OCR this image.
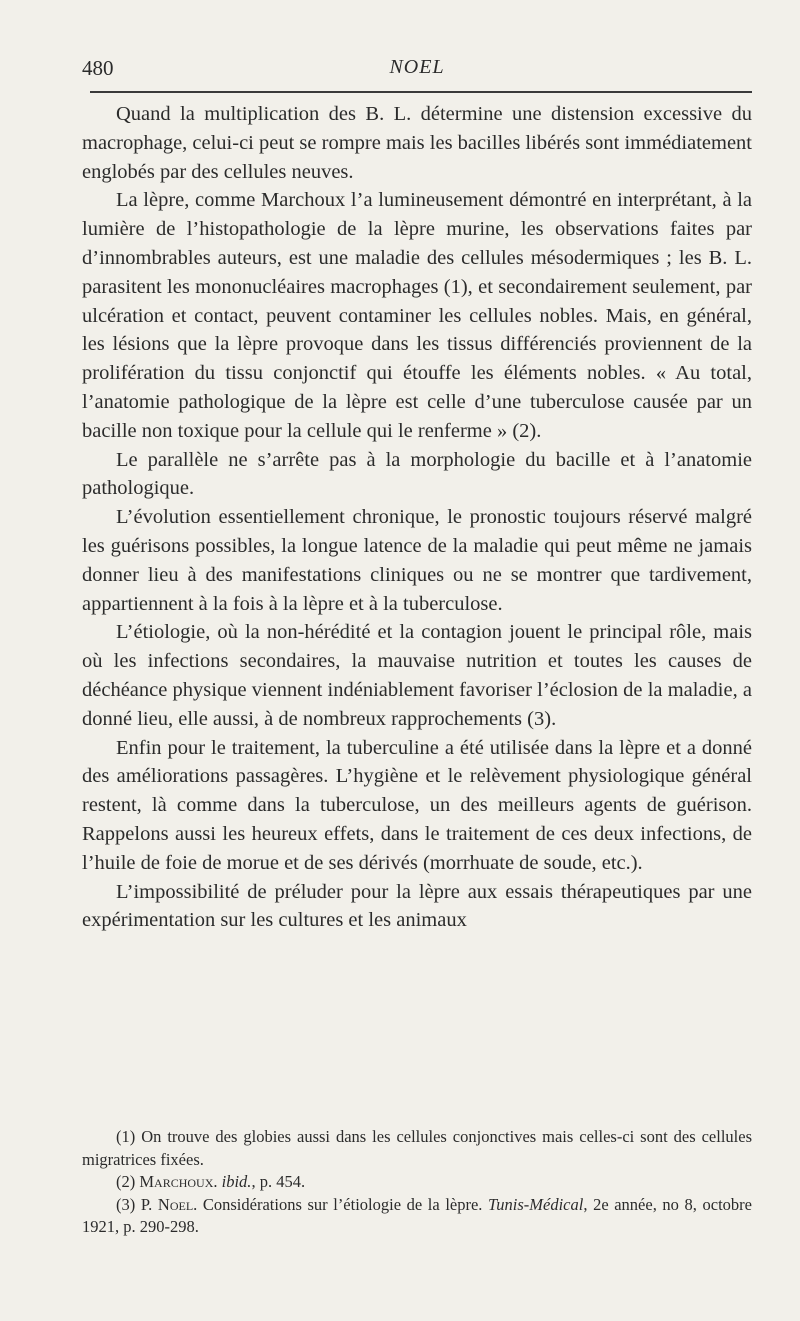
480	NOEL

Quand la multiplication des B. L. détermine une distension excessive du macrophage, celui-ci peut se rompre mais les bacilles libérés sont immédiatement englobés par des cellules neuves.

La lèpre, comme Marchoux l’a lumineusement démontré en interprétant, à la lumière de l’histopathologie de la lèpre murine, les observations faites par d’innombrables auteurs, est une maladie des cellules mésodermiques ; les B. L. parasitent les mononucléaires macrophages (1), et secondairement seulement, par ulcération et contact, peuvent contaminer les cellules nobles. Mais, en général, les lésions que la lèpre provoque dans les tissus différenciés proviennent de la prolifération du tissu conjonctif qui étouffe les éléments nobles. « Au total, l’anatomie pathologique de la lèpre est celle d’une tuberculose causée par un bacille non toxique pour la cellule qui le renferme » (2).

Le parallèle ne s’arrête pas à la morphologie du bacille et à l’anatomie pathologique.

L’évolution essentiellement chronique, le pronostic toujours réservé malgré les guérisons possibles, la longue latence de la maladie qui peut même ne jamais donner lieu à des manifestations cliniques ou ne se montrer que tardivement, appartiennent à la fois à la lèpre et à la tuberculose.

L’étiologie, où la non-hérédité et la contagion jouent le principal rôle, mais où les infections secondaires, la mauvaise nutrition et toutes les causes de déchéance physique viennent indéniablement favoriser l’éclosion de la maladie, a donné lieu, elle aussi, à de nombreux rapprochements (3).

Enfin pour le traitement, la tuberculine a été utilisée dans la lèpre et a donné des améliorations passagères. L’hygiène et le relèvement physiologique général restent, là comme dans la tuberculose, un des meilleurs agents de guérison. Rappelons aussi les heureux effets, dans le traitement de ces deux infections, de l’huile de foie de morue et de ses dérivés (morrhuate de soude, etc.).

L’impossibilité de préluder pour la lèpre aux essais thérapeutiques par une expérimentation sur les cultures et les animaux

(1) On trouve des globies aussi dans les cellules conjonctives mais celles-ci sont des cellules migratrices fixées.

(2) Marchoux. ibid., p. 454.

(3) P. Noel. Considérations sur l’étiologie de la lèpre. Tunis-Médical, 2e année, no 8, octobre 1921, p. 290-298.
